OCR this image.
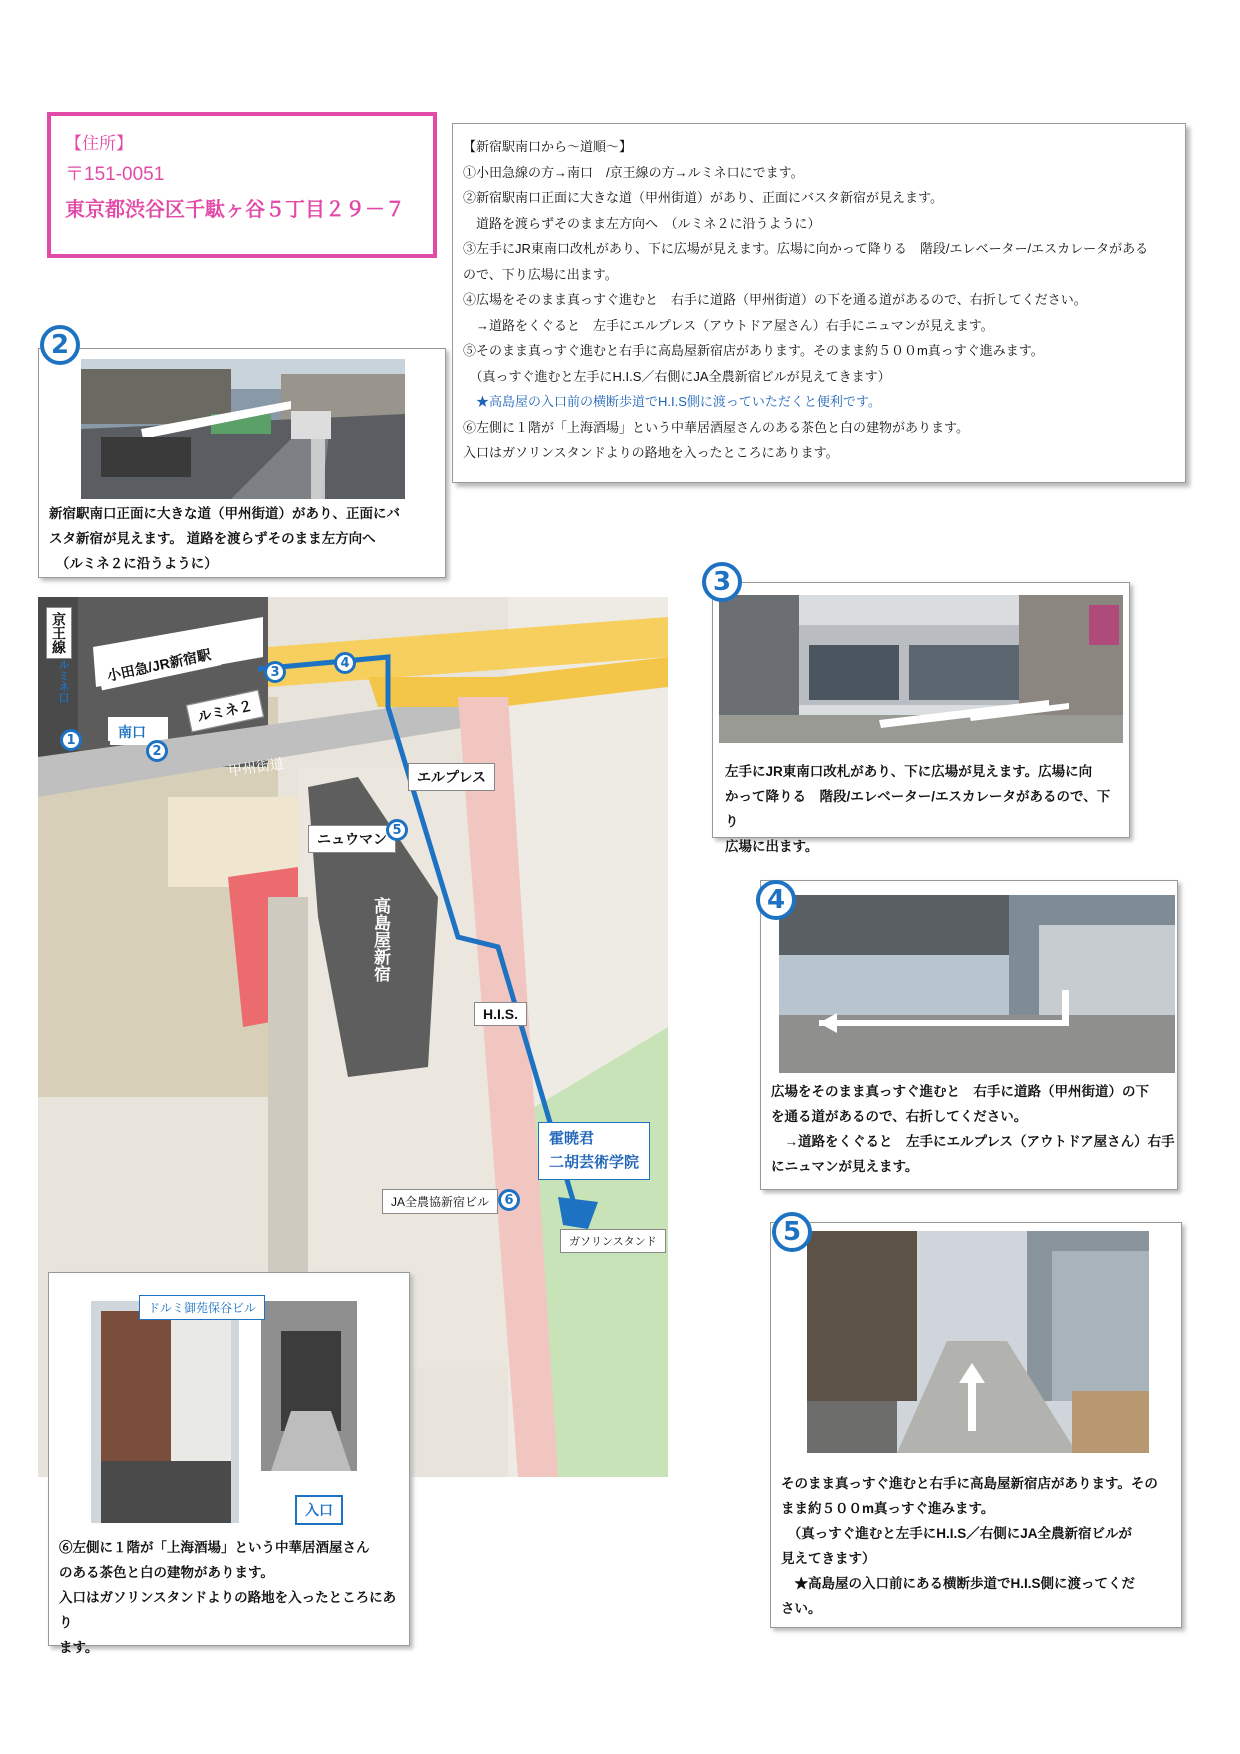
【住所】
〒151-0051
東京都渋谷区千駄ヶ谷５丁目２９－７
【新宿駅南口から～道順～】
①小田急線の方→南口　/京王線の方→ルミネ口にでます。
②新宿駅南口正面に大きな道（甲州街道）があり、正面にバスタ新宿が見えます。
　道路を渡らずそのまま左方向へ　（ルミネ２に沿うように）
③左手にJR東南口改札があり、下に広場が見えます。広場に向かって降りる　階段/エレベーター/エスカレータがある
ので、下り広場に出ます。
④広場をそのまま真っすぐ進むと　右手に道路（甲州街道）の下を通る道があるので、右折してください。
　→道路をくぐると　左手にエルプレス（アウトドア屋さん）右手にニュマンが見えます。
⑤そのまま真っすぐ進むと右手に高島屋新宿店があります。そのまま約５００m真っすぐ進みます。
　（真っすぐ進むと左手にH.I.S／右側にJA全農新宿ビルが見えてきます）
　★高島屋の入口前の横断歩道でH.I.S側に渡っていただくと便利です。
⑥左側に１階が「上海酒場」という中華居酒屋さんのある茶色と白の建物があります。
入口はガソリンスタンドよりの路地を入ったところにあります。
新宿駅南口正面に大きな道（甲州街道）があり、正面にバ
スタ新宿が見えます。 道路を渡らずそのまま左方向へ
　（ルミネ２に沿うように）
2
左手にJR東南口改札があり、下に広場が見えます。広場に向
かって降りる　階段/エレベーター/エスカレータがあるので、下り
広場に出ます。
3
広場をそのまま真っすぐ進むと　右手に道路（甲州街道）の下
を通る道があるので、右折してください。
　→道路をくぐると　左手にエルプレス（アウトドア屋さん）右手
にニュマンが見えます。
4
そのまま真っすぐ進むと右手に高島屋新宿店があります。その
まま約５００m真っすぐ進みます。
　（真っすぐ進むと左手にH.I.S／右側にJA全農新宿ビルが
見えてきます）
　★高島屋の入口前にある横断歩道でH.I.S側に渡ってくだ
さい。
5
小田急/JR新宿駅
京王線
ルミネ口
南口
ルミネ２
甲州街道	エルプレス
ニュウマン
高島屋新宿
H.I.S.
JA全農協新宿ビル
霍暁君
二胡芸術学院
ガソリンスタンド
1
2
3
4
5
6
ドルミ御苑保谷ビル
入口
⑥左側に１階が「上海酒場」という中華居酒屋さん
のある茶色と白の建物があります。
入口はガソリンスタンドよりの路地を入ったところにあり
ます。
